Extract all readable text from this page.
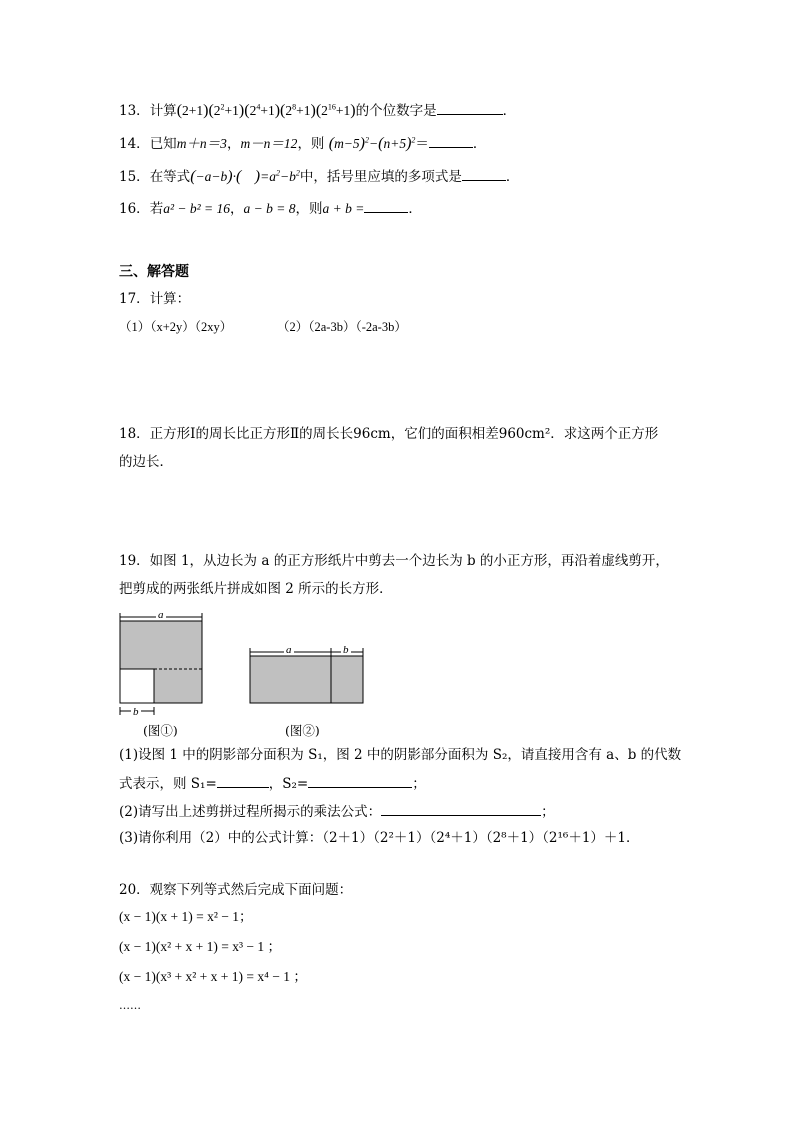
13．计算$(2+1)(2^2+1)(2^4+1)(2^8+1)(2^{16}+1)$的个位数字是	．
14．已知m＋n＝3，m－n＝12，则 $(m-5)^2-(n+5)^2=$	．
15．在等式(−a−b)·( )$=a^2-b^2$中，括号里应填的多项式是	．
16．若a² − b² = 16，a − b = 8，则a + b =	．
三、解答题
17．计算：
（1）（x+2y）（2xy）	（2）（2a-3b）（-2a-3b）
18．正方形Ⅰ的周长比正方形Ⅱ的周长长96cm，它们的面积相差960cm²．求这两个正方形
的边长．
19．如图 1，从边长为 a 的正方形纸片中剪去一个边长为 b 的小正方形，再沿着虚线剪开，
把剪成的两张纸片拼成如图 2 所示的长方形．
a
b
a	b
(图①)	(图②)
(1)设图 1 中的阴影部分面积为 S₁，图 2 中的阴影部分面积为 S₂，请直接用含有 a、b 的代数
式表示，则 S₁=	，S₂=	；
(2)请写出上述剪拼过程所揭示的乘法公式：	；
(3)请你利用（2）中的公式计算：（2＋1）（2²＋1）（2⁴＋1）（2⁸＋1）（2¹⁶＋1）＋1．
20．观察下列等式然后完成下面问题：
(x − 1)(x + 1) = x² − 1；
(x − 1)(x² + x + 1) = x³ − 1 ；
(x − 1)(x³ + x² + x + 1) = x⁴ − 1 ；
……
